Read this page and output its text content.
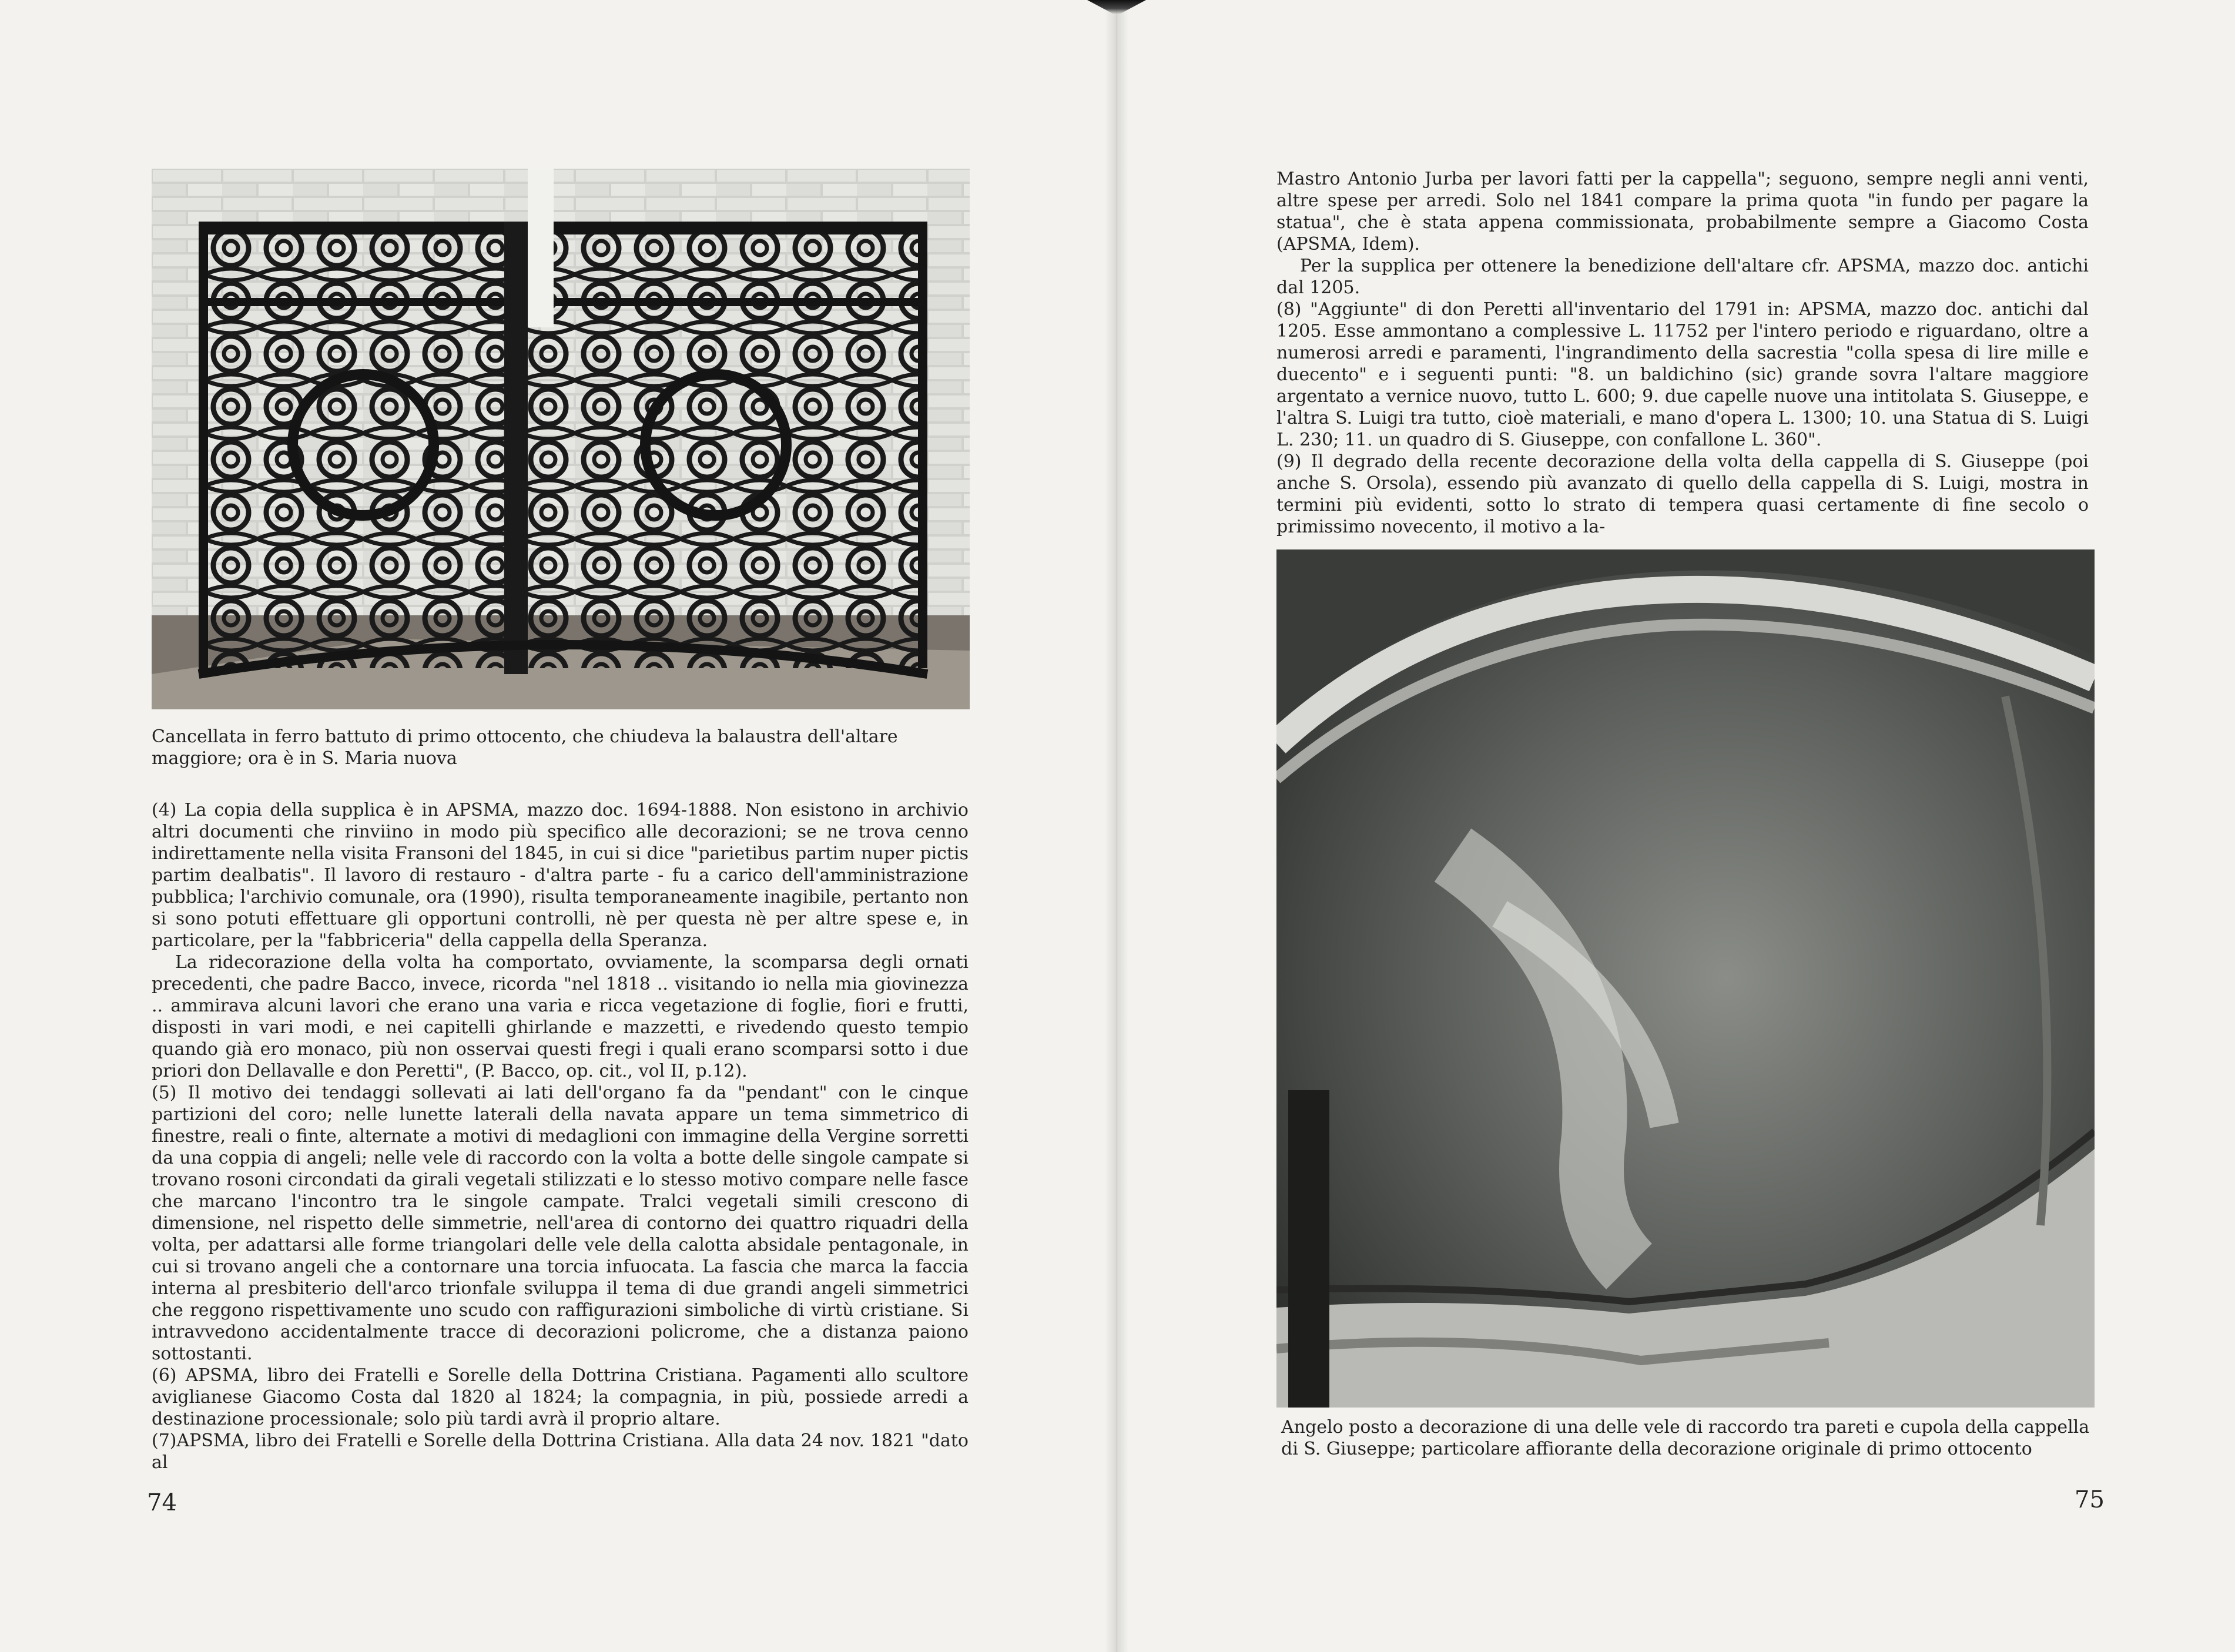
Cancellata in ferro battuto di primo ottocento, che chiudeva la balaustra dell'altare maggiore; ora è in S. Maria nuova

(4) La copia della supplica è in APSMA, mazzo doc. 1694-1888. Non esistono in archivio altri documenti che rinviino in modo più specifico alle decorazioni; se ne trova cenno indirettamente nella visita Fransoni del 1845, in cui si dice "parietibus partim nuper pictis partim dealbatis". Il lavoro di restauro - d'altra parte - fu a carico dell'amministrazione pubblica; l'archivio comunale, ora (1990), risulta temporaneamente inagibile, pertanto non si sono potuti effettuare gli opportuni controlli, nè per questa nè per altre spese e, in particolare, per la "fabbriceria" della cappella della Speranza.

La ridecorazione della volta ha comportato, ovviamente, la scomparsa degli ornati precedenti, che padre Bacco, invece, ricorda "nel 1818 .. visitando io nella mia giovinezza .. ammirava alcuni lavori che erano una varia e ricca vegetazione di foglie, fiori e frutti, disposti in vari modi, e nei capitelli ghirlande e mazzetti, e rivedendo questo tempio quando già ero monaco, più non osservai questi fregi i quali erano scomparsi sotto i due priori don Dellavalle e don Peretti", (P. Bacco, op. cit., vol II, p.12).

(5) Il motivo dei tendaggi sollevati ai lati dell'organo fa da "pendant" con le cinque partizioni del coro; nelle lunette laterali della navata appare un tema simmetrico di finestre, reali o finte, alternate a motivi di medaglioni con immagine della Vergine sorretti da una coppia di angeli; nelle vele di raccordo con la volta a botte delle singole campate si trovano rosoni circondati da girali vegetali stilizzati e lo stesso motivo compare nelle fasce che marcano l'incontro tra le singole campate. Tralci vegetali simili crescono di dimensione, nel rispetto delle simmetrie, nell'area di contorno dei quattro riquadri della volta, per adattarsi alle forme triangolari delle vele della calotta absidale pentagonale, in cui si trovano angeli che a contornare una torcia infuocata. La fascia che marca la faccia interna al presbiterio dell'arco trionfale sviluppa il tema di due grandi angeli simmetrici che reggono rispettivamente uno scudo con raffigurazioni simboliche di virtù cristiane. Si intravvedono accidentalmente tracce di decorazioni policrome, che a distanza paiono sottostanti.

(6) APSMA, libro dei Fratelli e Sorelle della Dottrina Cristiana. Pagamenti allo scultore aviglianese Giacomo Costa dal 1820 al 1824; la compagnia, in più, possiede arredi a destinazione processionale; solo più tardi avrà il proprio altare.

(7)APSMA, libro dei Fratelli e Sorelle della Dottrina Cristiana. Alla data 24 nov. 1821 "dato al

74

Mastro Antonio Jurba per lavori fatti per la cappella"; seguono, sempre negli anni venti, altre spese per arredi. Solo nel 1841 compare la prima quota "in fundo per pagare la statua", che è stata appena commissionata, probabilmente sempre a Giacomo Costa (APSMA, Idem).

Per la supplica per ottenere la benedizione dell'altare cfr. APSMA, mazzo doc. antichi dal 1205.

(8) "Aggiunte" di don Peretti all'inventario del 1791 in: APSMA, mazzo doc. antichi dal 1205. Esse ammontano a complessive L. 11752 per l'intero periodo e riguardano, oltre a numerosi arredi e paramenti, l'ingrandimento della sacrestia "colla spesa di lire mille e duecento" e i seguenti punti: "8. un baldichino (sic) grande sovra l'altare maggiore argentato a vernice nuovo, tutto L. 600; 9. due capelle nuove una intitolata S. Giuseppe, e l'altra S. Luigi tra tutto, cioè materiali, e mano d'opera L. 1300; 10. una Statua di S. Luigi L. 230; 11. un quadro di S. Giuseppe, con confallone L. 360".

(9) Il degrado della recente decorazione della volta della cappella di S. Giuseppe (poi anche S. Orsola), essendo più avanzato di quello della cappella di S. Luigi, mostra in termini più evidenti, sotto lo strato di tempera quasi certamente di fine secolo o primissimo novecento, il motivo a la-

Angelo posto a decorazione di una delle vele di raccordo tra pareti e cupola della cappella di S. Giuseppe; particolare affiorante della decorazione originale di primo ottocento
75
